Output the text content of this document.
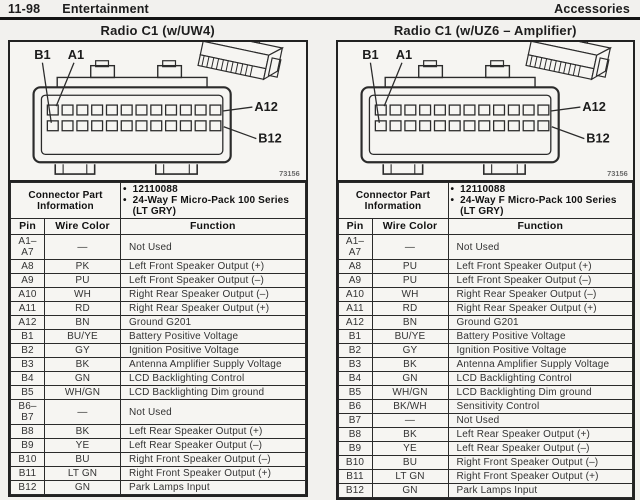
11-98 Entertainment	Accessories
Radio C1 (w/UW4)
B1 A1
A12
B12
73156
Connector Part Information		• 12110088
• 24-Way F Micro-Pack 100 Series (LT GRY)

Pin	Wire Color	Function
A1– A7	—	Not Used
A8	PK	Left Front Speaker Output (+)
A9	PU	Left Front Speaker Output (–)
A10	WH	Right Rear Speaker Output (–)
A11	RD	Right Rear Speaker Output (+)
A12	BN	Ground G201
B1	BU/YE	Battery Positive Voltage
B2	GY	Ignition Positive Voltage
B3	BK	Antenna Amplifier Supply Voltage
B4	GN	LCD Backlighting Control
B5	WH/GN	LCD Backlighting Dim ground
B6– B7	—	Not Used
B8	BK	Left Rear Speaker Output (+)
B9	YE	Left Rear Speaker Output (–)
B10	BU	Right Front Speaker Output (–)
B11	LT GN	Right Front Speaker Output (+)
B12	GN	Park Lamps Input
Radio C1 (w/UZ6 – Amplifier)
B1 A1
A12
B12
73156
Connector Part Information		• 12110088
• 24-Way F Micro-Pack 100 Series (LT GRY)

Pin	Wire Color	Function
A1– A7	—	Not Used
A8	PU	Left Front Speaker Output (+)
A9	PU	Left Front Speaker Output (–)
A10	WH	Right Rear Speaker Output (–)
A11	RD	Right Rear Speaker Output (+)
A12	BN	Ground G201
B1	BU/YE	Battery Positive Voltage
B2	GY	Ignition Positive Voltage
B3	BK	Antenna Amplifier Supply Voltage
B4	GN	LCD Backlighting Control
B5	WH/GN	LCD Backlighting Dim ground
B6	BK/WH	Sensitivity Control
B7	—	Not Used
B8	BK	Left Rear Speaker Output (+)
B9	YE	Left Rear Speaker Output (–)
B10	BU	Right Front Speaker Output (–)
B11	LT GN	Right Front Speaker Output (+)
B12	GN	Park Lamps Input
